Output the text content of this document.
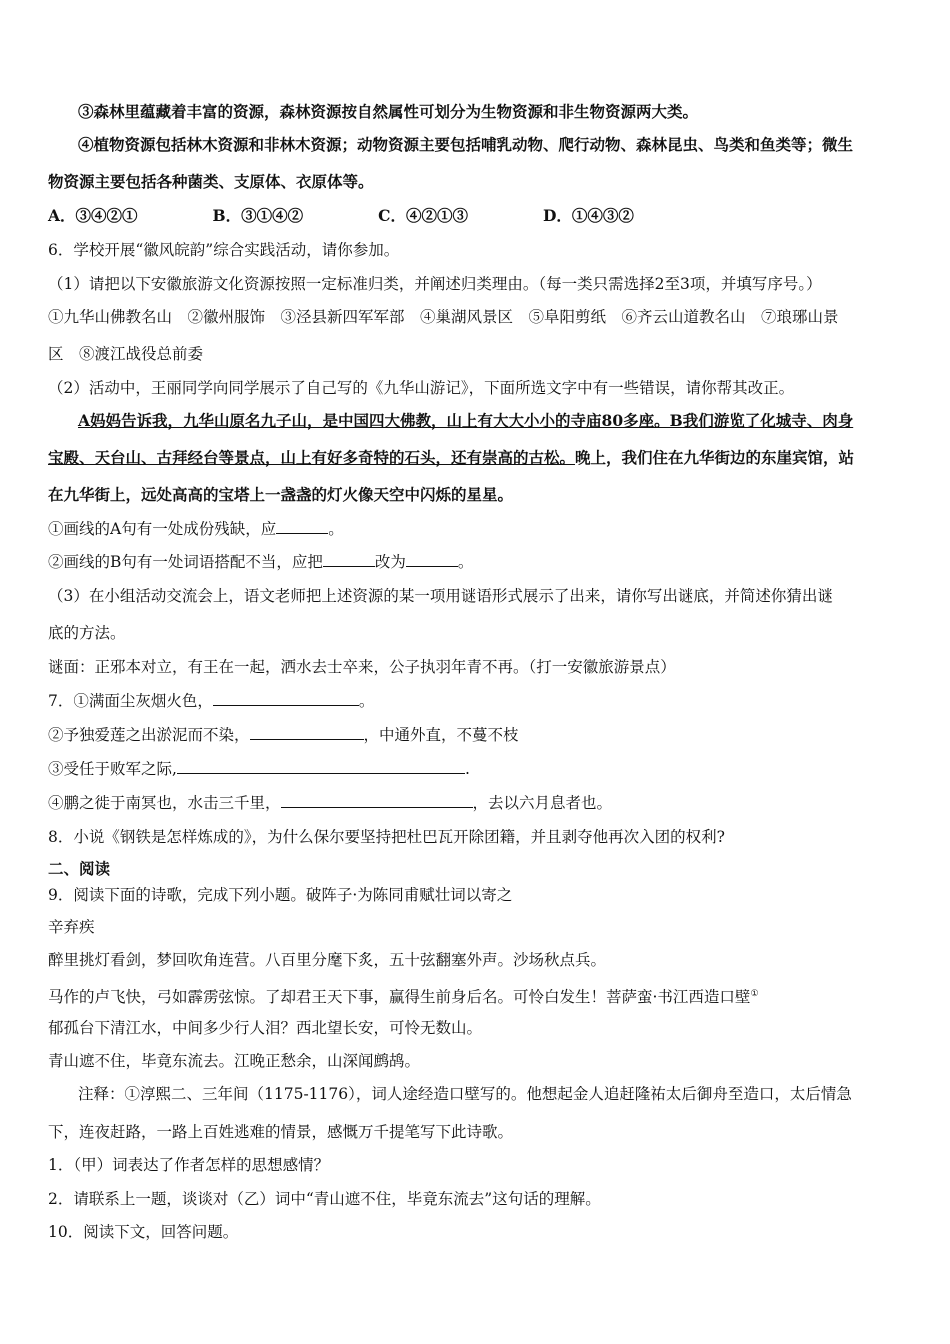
③森林里蕴藏着丰富的资源，森林资源按自然属性可划分为生物资源和非生物资源两大类。
④植物资源包括林木资源和非林木资源；动物资源主要包括哺乳动物、爬行动物、森林昆虫、鸟类和鱼类等；微生
物资源主要包括各种菌类、支原体、衣原体等。
A．③④②①	B．③①④②	C．④②①③	D．①④③②
6．学校开展“徽风皖韵”综合实践活动，请你参加。
（1）请把以下安徽旅游文化资源按照一定标准归类，并阐述归类理由。（每一类只需选择2至3项，并填写序号。）
①九华山佛教名山　②徽州服饰　③泾县新四军军部　④巢湖风景区　⑤阜阳剪纸　⑥齐云山道教名山　⑦琅琊山景
区　⑧渡江战役总前委
（2）活动中，王丽同学向同学展示了自己写的《九华山游记》，下面所选文字中有一些错误，请你帮其改正。
A妈妈告诉我，九华山原名九子山，是中国四大佛教，山上有大大小小的寺庙80多座。B我们游览了化城寺、肉身
宝殿、天台山、古拜经台等景点，山上有好多奇特的石头，还有崇高的古松。晚上，我们住在九华街边的东崖宾馆，站
在九华街上，远处高高的宝塔上一盏盏的灯火像天空中闪烁的星星。
①画线的A句有一处成份残缺，应	。
②画线的B句有一处词语搭配不当，应把	改为	。
（3）在小组活动交流会上，语文老师把上述资源的某一项用谜语形式展示了出来，请你写出谜底，并简述你猜出谜
底的方法。
谜面：正邪本对立，有王在一起，洒水去士卒来，公子执羽年青不再。（打一安徽旅游景点）
7．①满面尘灰烟火色，	。
②予独爱莲之出淤泥而不染，	，中通外直，不蔓不枝
③受任于败军之际,	.
④鹏之徙于南冥也，水击三千里，	，去以六月息者也。
8．小说《钢铁是怎样炼成的》，为什么保尔要坚持把杜巴瓦开除团籍，并且剥夺他再次入团的权利?
二、阅读
9．阅读下面的诗歌，完成下列小题。破阵子·为陈同甫赋壮词以寄之
辛弃疾
醉里挑灯看剑，梦回吹角连营。八百里分麾下炙，五十弦翻塞外声。沙场秋点兵。
马作的卢飞快，弓如霹雳弦惊。了却君王天下事，赢得生前身后名。可怜白发生！菩萨蛮·书江西造口壁①
郁孤台下清江水，中间多少行人泪？西北望长安，可怜无数山。
青山遮不住，毕竟东流去。江晚正愁余，山深闻鹧鸪。
注释：①淳熙二、三年间（1175-1176），词人途经造口壁写的。他想起金人追赶隆祐太后御舟至造口，太后情急
下，连夜赶路，一路上百姓逃难的情景，感慨万千提笔写下此诗歌。
1．（甲）词表达了作者怎样的思想感情？
2．请联系上一题，谈谈对（乙）词中“青山遮不住，毕竟东流去”这句话的理解。
10．阅读下文，回答问题。
